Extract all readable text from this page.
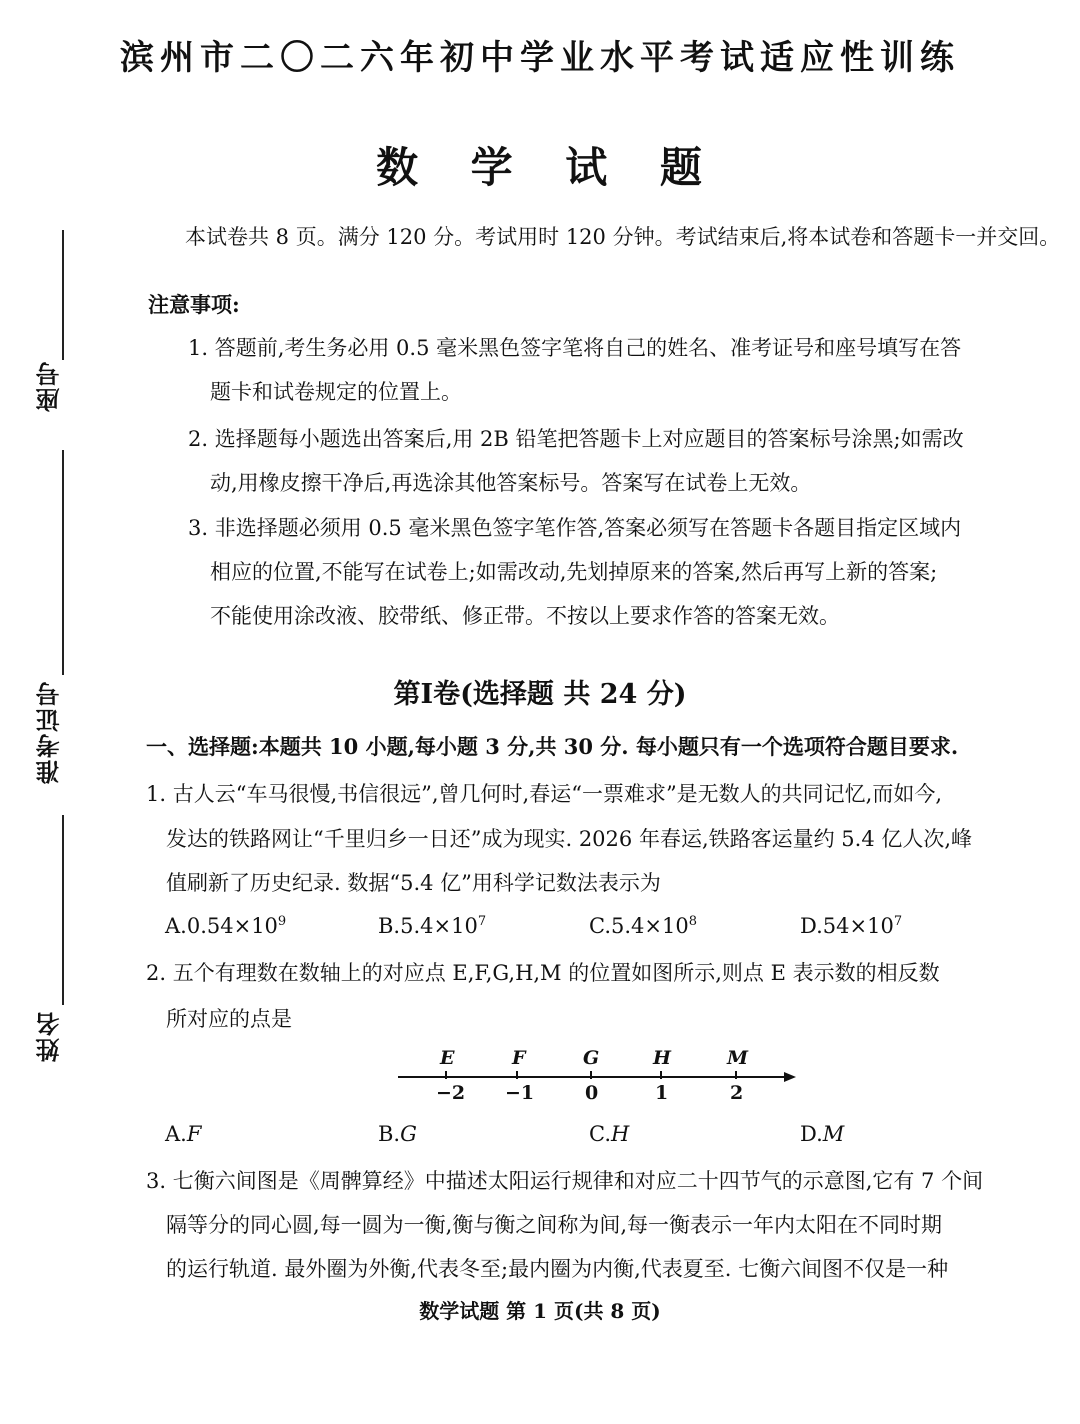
座号
准考证号
姓名
滨州市二〇二六年初中学业水平考试适应性训练
数 学 试 题
本试卷共 8 页。满分 120 分。考试用时 120 分钟。考试结束后,将本试卷和答题卡一并交回。
注意事项:
1. 答题前,考生务必用 0.5 毫米黑色签字笔将自己的姓名、准考证号和座号填写在答
题卡和试卷规定的位置上。
2. 选择题每小题选出答案后,用 2B 铅笔把答题卡上对应题目的答案标号涂黑;如需改
动,用橡皮擦干净后,再选涂其他答案标号。答案写在试卷上无效。
3. 非选择题必须用 0.5 毫米黑色签字笔作答,答案必须写在答题卡各题目指定区域内
相应的位置,不能写在试卷上;如需改动,先划掉原来的答案,然后再写上新的答案;
不能使用涂改液、胶带纸、修正带。不按以上要求作答的答案无效。
第Ⅰ卷(选择题 共 24 分)
一、选择题:本题共 10 小题,每小题 3 分,共 30 分. 每小题只有一个选项符合题目要求.
1. 古人云“车马很慢,书信很远”,曾几何时,春运“一票难求”是无数人的共同记忆,而如今,
发达的铁路网让“千里归乡一日还”成为现实. 2026 年春运,铁路客运量约 5.4 亿人次,峰
值刷新了历史纪录. 数据“5.4 亿”用科学记数法表示为
$A.0.54\times 10^9$	$B.5.4\times 10^7$	$C.5.4\times 10^8$	$D.54\times 10^7$
2. 五个有理数在数轴上的对应点 E,F,G,H,M 的位置如图所示,则点 E 表示数的相反数
所对应的点是
E
−2
F
−1
G
0
H
1
M
2
A.F	B.G	C.H	D.M
3. 七衡六间图是《周髀算经》中描述太阳运行规律和对应二十四节气的示意图,它有 7 个间
隔等分的同心圆,每一圆为一衡,衡与衡之间称为间,每一衡表示一年内太阳在不同时期
的运行轨道. 最外圈为外衡,代表冬至;最内圈为内衡,代表夏至. 七衡六间图不仅是一种
数学试题 第 1 页(共 8 页)
